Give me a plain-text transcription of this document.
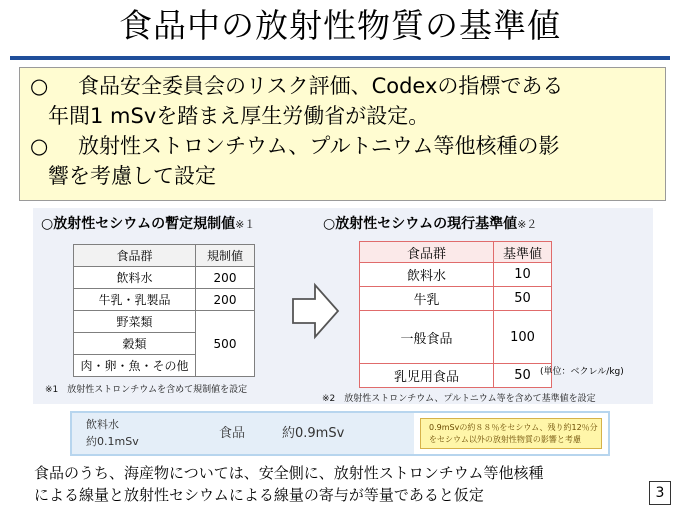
食品中の放射性物質の基準値
○ 食品安全委員会のリスク評価、Codexの指標である
年間1 mSvを踏まえ厚生労働省が設定。
○ 放射性ストロンチウム、プルトニウム等他核種の影
響を考慮して設定
○放射性セシウムの暫定規制値※１
食品群	規制値
飲料水	200
牛乳・乳製品	200
野菜類	500
穀類	
肉・卵・魚・その他	
※1　放射性ストロンチウムを含めて規制値を設定
○放射性セシウムの現行基準値※２
食品群	基準値
飲料水	10
牛乳	50
一般食品	100
乳児用食品	50 (単位：ベクレル/kg)
※2　放射性ストロンチウム、プルトニウム等を含めて基準値を設定
飲料水
約0.1mSv
食品	約0.9mSv	0.9mSvの約８８％をセシウム、残り約12％分
をセシウム以外の放射性物質の影響と考慮
食品のうち、海産物については、安全側に、放射性ストロンチウム等他核種
による線量と放射性セシウムによる線量の寄与が等量であると仮定	3
